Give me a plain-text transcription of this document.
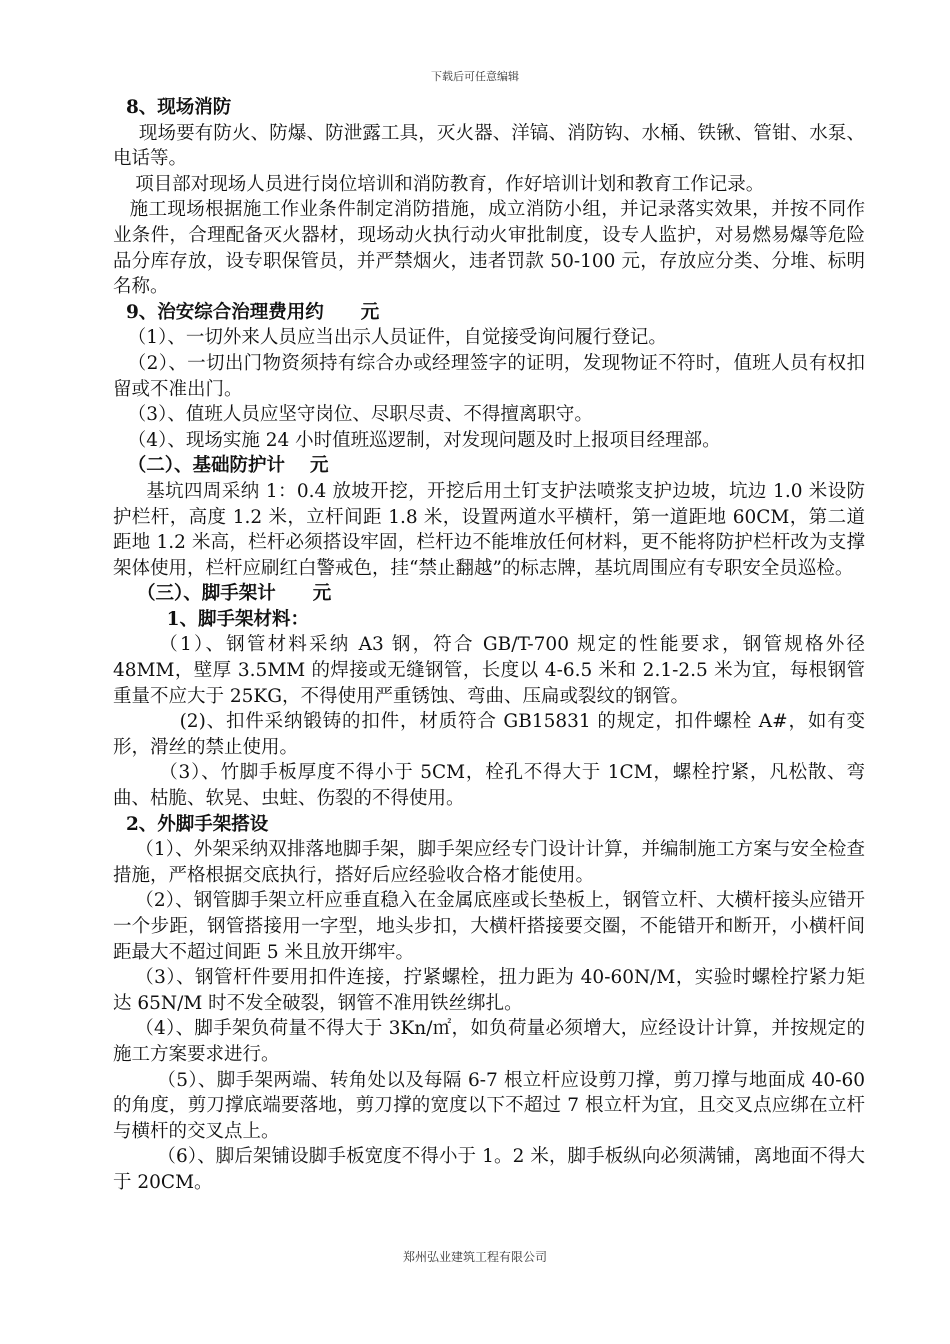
下载后可任意编辑

8、现场消防

现场要有防火、防爆、防泄露工具，灭火器、洋镐、消防钩、水桶、铁锹、管钳、水泵、电话等。

项目部对现场人员进行岗位培训和消防教育，作好培训计划和教育工作记录。

施工现场根据施工作业条件制定消防措施，成立消防小组，并记录落实效果，并按不同作业条件，合理配备灭火器材，现场动火执行动火审批制度，设专人监护，对易燃易爆等危险品分库存放，设专职保管员，并严禁烟火，违者罚款 50-100 元，存放应分类、分堆、标明名称。

9、治安综合治理费用约　　元

（1）、一切外来人员应当出示人员证件，自觉接受询问履行登记。

（2）、一切出门物资须持有综合办或经理签字的证明，发现物证不符时，值班人员有权扣留或不准出门。

（3）、值班人员应坚守岗位、尽职尽责、不得擅离职守。

（4）、现场实施 24 小时值班巡逻制，对发现问题及时上报项目经理部。

（二）、基础防护计　 元

基坑四周采纳 1：0.4 放坡开挖，开挖后用土钉支护法喷浆支护边坡，坑边 1.0 米设防护栏杆，高度 1.2 米，立杆间距 1.8 米，设置两道水平横杆，第一道距地 60CM，第二道距地 1.2 米高，栏杆必须搭设牢固，栏杆边不能堆放任何材料，更不能将防护栏杆改为支撑架体使用，栏杆应刷红白警戒色，挂“禁止翻越”的标志牌，基坑周围应有专职安全员巡检。

（三）、脚手架计　　元

1、脚手架材料：

（1）、钢管材料采纳 A3 钢，符合 GB/T-700 规定的性能要求，钢管规格外径 48MM，壁厚 3.5MM 的焊接或无缝钢管，长度以 4-6.5 米和 2.1-2.5 米为宜，每根钢管重量不应大于 25KG，不得使用严重锈蚀、弯曲、压扁或裂纹的钢管。

(2)、扣件采纳锻铸的扣件，材质符合 GB15831 的规定，扣件螺栓 A#，如有变形，滑丝的禁止使用。

（3）、竹脚手板厚度不得小于 5CM，栓孔不得大于 1CM，螺栓拧紧，凡松散、弯曲、枯脆、软晃、虫蛀、伤裂的不得使用。

2、外脚手架搭设

（1）、外架采纳双排落地脚手架，脚手架应经专门设计计算，并编制施工方案与安全检查措施，严格根据交底执行，搭好后应经验收合格才能使用。

（2）、钢管脚手架立杆应垂直稳入在金属底座或长垫板上，钢管立杆、大横杆接头应错开一个步距，钢管搭接用一字型，地头步扣，大横杆搭接要交圈，不能错开和断开，小横杆间距最大不超过间距 5 米且放开绑牢。

（3）、钢管杆件要用扣件连接，拧紧螺栓，扭力距为 40-60N/M，实验时螺栓拧紧力矩达 65N/M 时不发全破裂，钢管不准用铁丝绑扎。

（4）、脚手架负荷量不得大于 3Kn/㎡，如负荷量必须增大，应经设计计算，并按规定的施工方案要求进行。

（5）、脚手架两端、转角处以及每隔 6-7 根立杆应设剪刀撑，剪刀撑与地面成 40-60 的角度，剪刀撑底端要落地，剪刀撑的宽度以下不超过 7 根立杆为宜，且交叉点应绑在立杆与横杆的交叉点上。

（6）、脚后架铺设脚手板宽度不得小于 1。2 米，脚手板纵向必须满铺，离地面不得大于 20CM。

郑州弘业建筑工程有限公司
